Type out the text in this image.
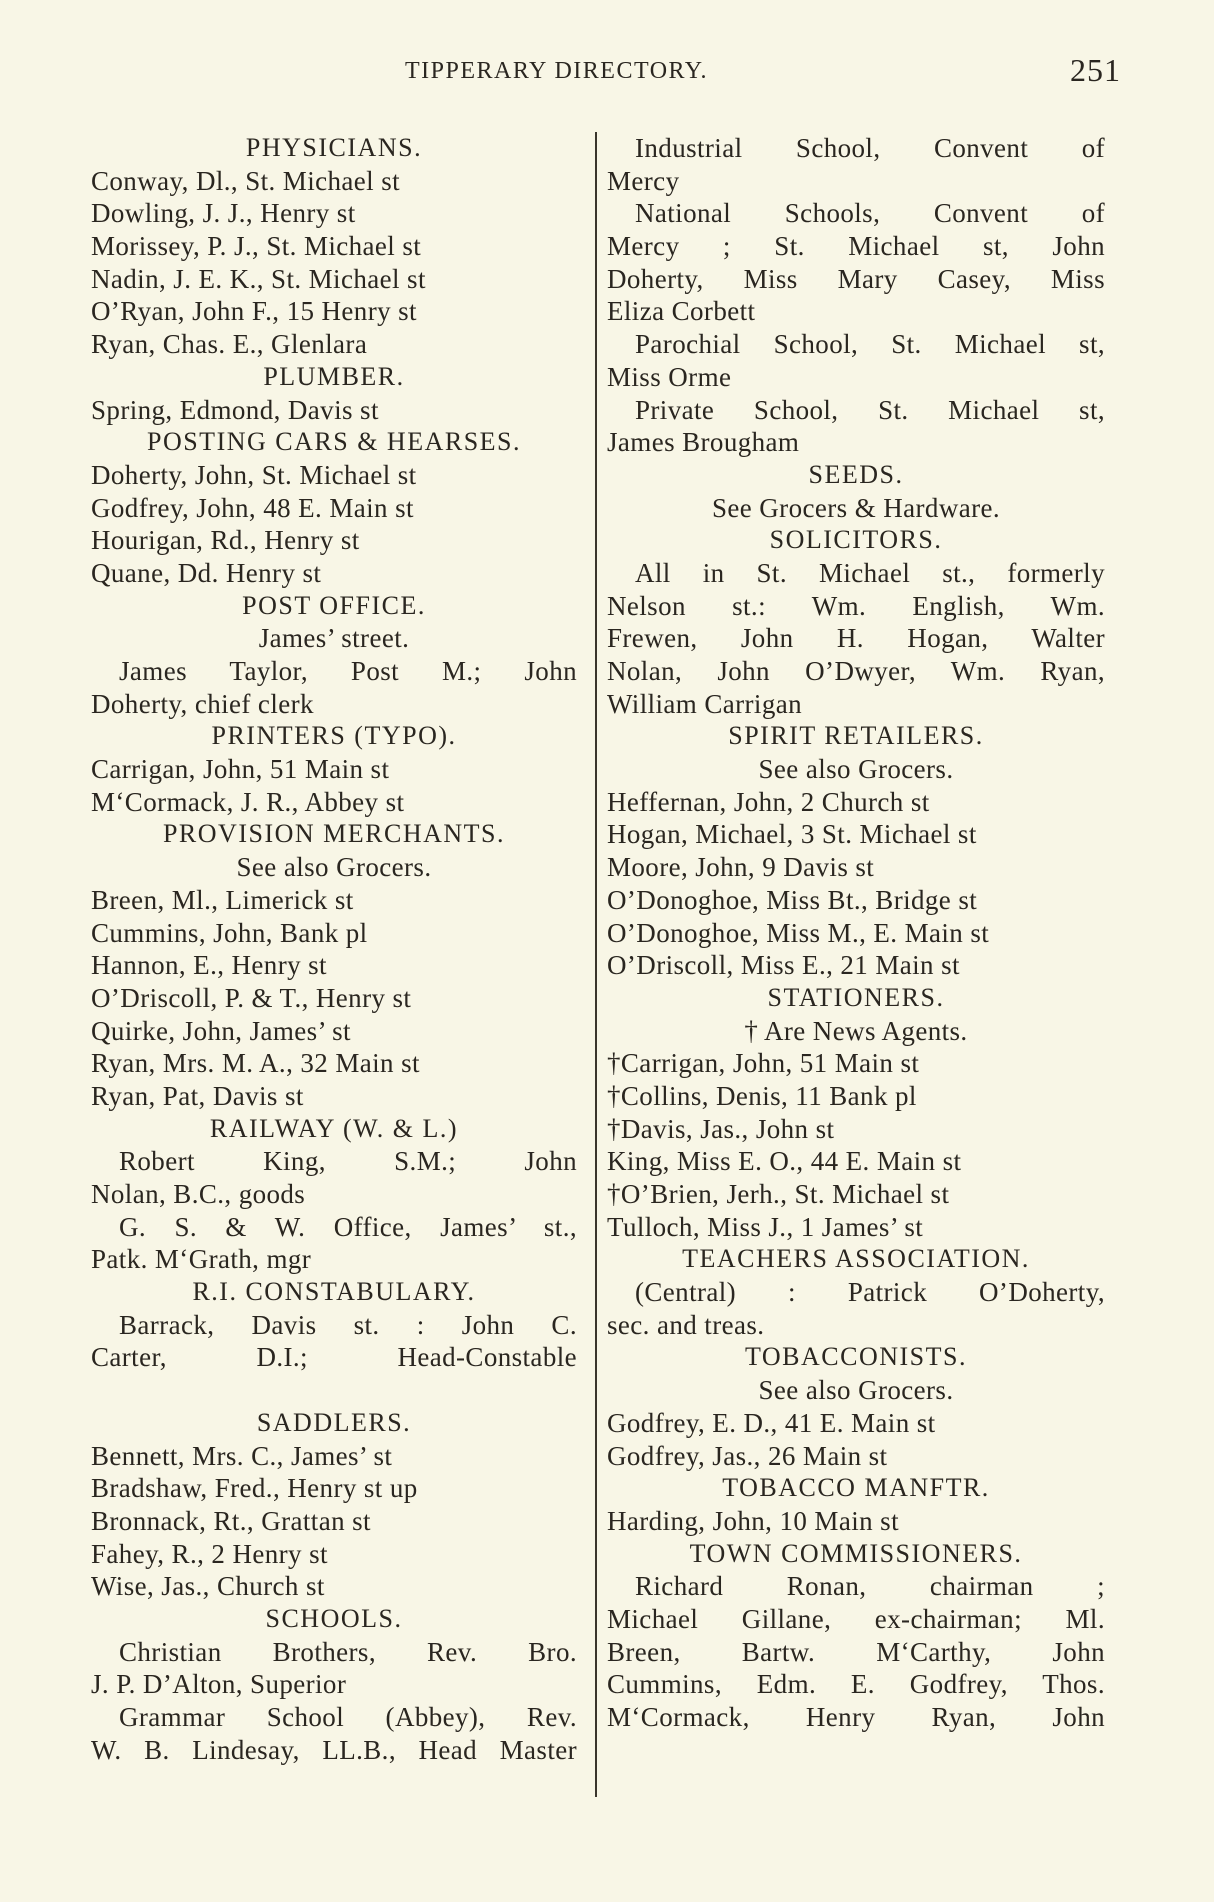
TIPPERARY DIRECTORY.	251
PHYSICIANS.
Conway, Dl., St. Michael st
Dowling, J. J., Henry st
Morissey, P. J., St. Michael st
Nadin, J. E. K., St. Michael st
O’Ryan, John F., 15 Henry st
Ryan, Chas. E., Glenlara
PLUMBER.
Spring, Edmond, Davis st
POSTING CARS & HEARSES.
Doherty, John, St. Michael st
Godfrey, John, 48 E. Main st
Hourigan, Rd., Henry st
Quane, Dd. Henry st
POST OFFICE.
James’ street.
James Taylor, Post M.; John
Doherty, chief clerk
PRINTERS (TYPO).
Carrigan, John, 51 Main st
M‘Cormack, J. R., Abbey st
PROVISION MERCHANTS.
See also Grocers.
Breen, Ml., Limerick st
Cummins, John, Bank pl
Hannon, E., Henry st
O’Driscoll, P. & T., Henry st
Quirke, John, James’ st
Ryan, Mrs. M. A., 32 Main st
Ryan, Pat, Davis st
RAILWAY (W. & L.)
Robert King, S.M.; John
Nolan, B.C., goods
G. S. & W. Office, James’ st.,
Patk. M‘Grath, mgr
R.I. CONSTABULARY.
Barrack, Davis st. : John C.
Carter, D.I.; Head-Constable
SADDLERS.
Bennett, Mrs. C., James’ st
Bradshaw, Fred., Henry st up
Bronnack, Rt., Grattan st
Fahey, R., 2 Henry st
Wise, Jas., Church st
SCHOOLS.
Christian Brothers, Rev. Bro.
J. P. D’Alton, Superior
Grammar School (Abbey), Rev.
W. B. Lindesay, LL.B., Head Master
Industrial School, Convent of
Mercy
National Schools, Convent of
Mercy ; St. Michael st, John
Doherty, Miss Mary Casey, Miss
Eliza Corbett
Parochial School, St. Michael st,
Miss Orme
Private School, St. Michael st,
James Brougham
SEEDS.
See Grocers & Hardware.
SOLICITORS.
All in St. Michael st., formerly
Nelson st.: Wm. English, Wm.
Frewen, John H. Hogan, Walter
Nolan, John O’Dwyer, Wm. Ryan,
William Carrigan
SPIRIT RETAILERS.
See also Grocers.
Heffernan, John, 2 Church st
Hogan, Michael, 3 St. Michael st
Moore, John, 9 Davis st
O’Donoghoe, Miss Bt., Bridge st
O’Donoghoe, Miss M., E. Main st
O’Driscoll, Miss E., 21 Main st
STATIONERS.
† Are News Agents.
†Carrigan, John, 51 Main st
†Collins, Denis, 11 Bank pl
†Davis, Jas., John st
King, Miss E. O., 44 E. Main st
†O’Brien, Jerh., St. Michael st
Tulloch, Miss J., 1 James’ st
TEACHERS ASSOCIATION.
(Central) : Patrick O’Doherty,
sec. and treas.
TOBACCONISTS.
See also Grocers.
Godfrey, E. D., 41 E. Main st
Godfrey, Jas., 26 Main st
TOBACCO MANFTR.
Harding, John, 10 Main st
TOWN COMMISSIONERS.
Richard Ronan, chairman ;
Michael Gillane, ex-chairman; Ml.
Breen, Bartw. M‘Carthy, John
Cummins, Edm. E. Godfrey, Thos.
M‘Cormack, Henry Ryan, John
